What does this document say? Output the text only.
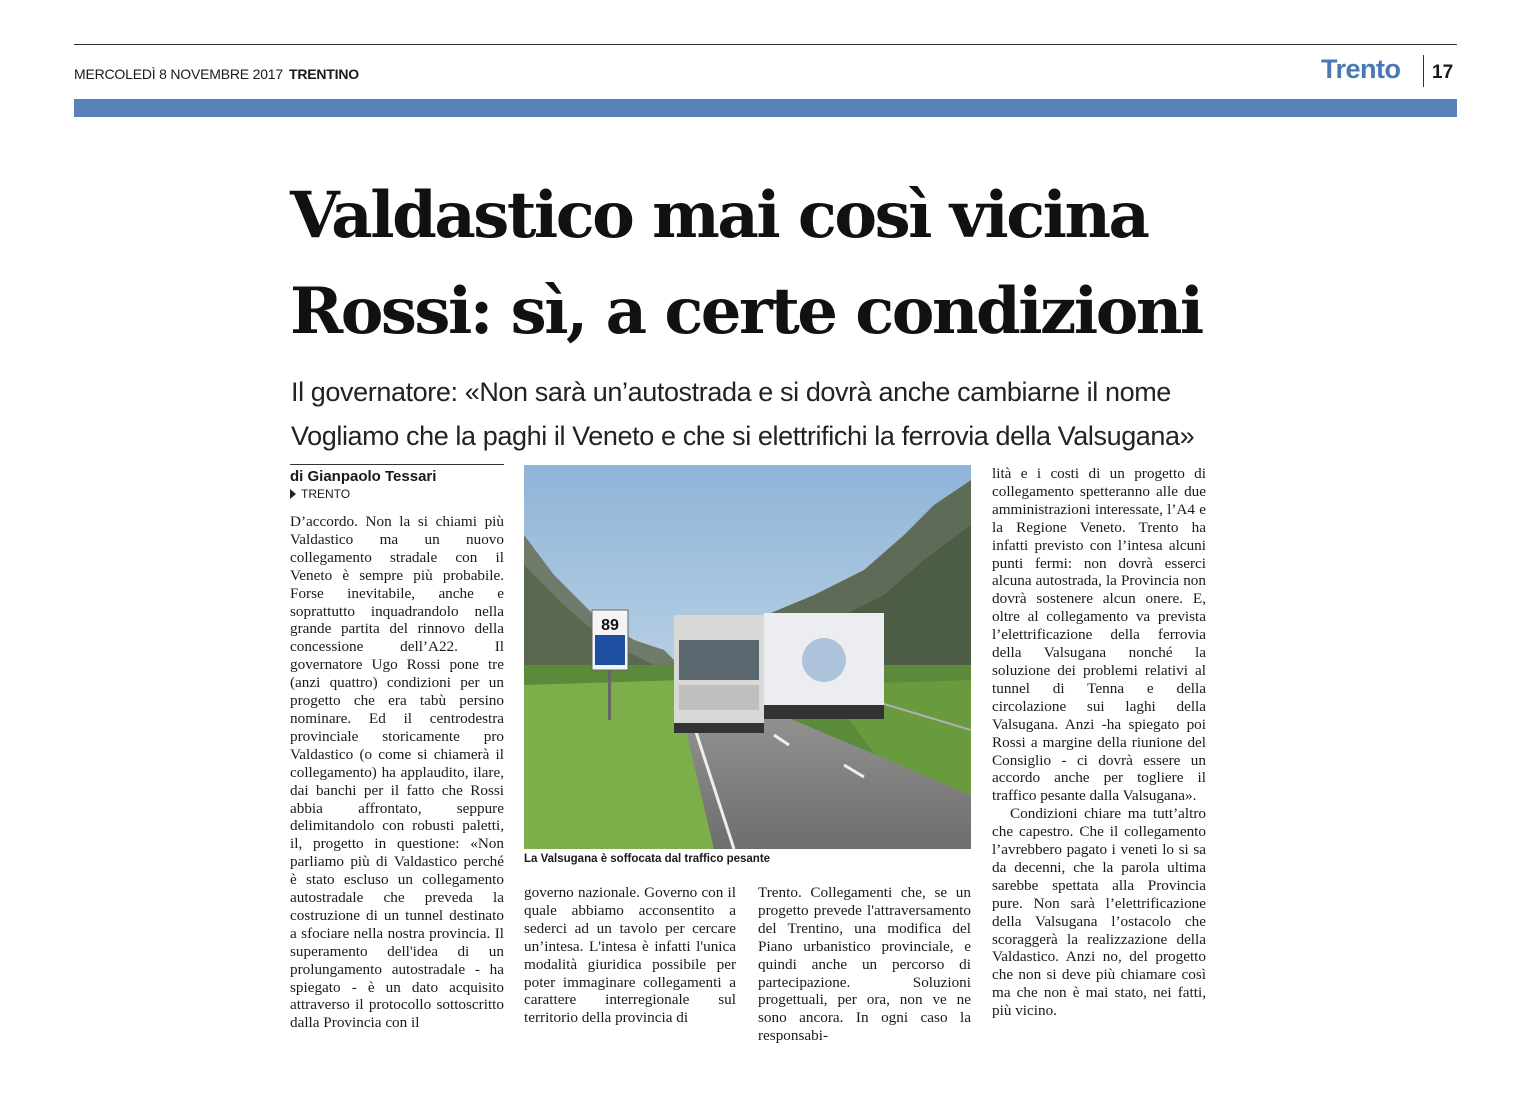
MERCOLEDÌ 8 NOVEMBRE 2017 TRENTINO	Trento 17
Valdastico mai così vicina
Rossi: sì, a certe condizioni
Il governatore: «Non sarà un’autostrada e si dovrà anche cambiarne il nome
Vogliamo che la paghi il Veneto e che si elettrifichi la ferrovia della Valsugana»
di Gianpaolo Tessari
TRENTO

D’accordo. Non la si chiami più Valdastico ma un nuovo collegamento stradale con il Veneto è sempre più probabile. Forse inevitabile, anche e soprattutto inquadrandolo nella grande partita del rinnovo della concessione dell’A22. Il governatore Ugo Rossi pone tre (anzi quattro) condizioni per un progetto che era tabù persino nominare. Ed il centrodestra provinciale storicamente pro Valdastico (o come si chiamerà il collegamento) ha applaudito, ilare, dai banchi per il fatto che Rossi abbia affrontato, seppure delimitandolo con robusti paletti, il, progetto in questione: «Non parliamo più di Valdastico perché è stato escluso un collegamento autostradale che preveda la costruzione di un tunnel destinato a sfociare nella nostra provincia. Il superamento dell'idea di un prolungamento autostradale - ha spiegato - è un dato acquisito attraverso il protocollo sottoscritto dalla Provincia con il

89
La Valsugana è soffocata dal traffico pesante

governo nazionale. Governo con il quale abbiamo acconsentito a sederci ad un tavolo per cercare un’intesa. L'intesa è infatti l'unica modalità giuridica possibile per poter immaginare collegamenti a carattere interregionale sul territorio della provincia di

Trento. Collegamenti che, se un progetto prevede l'attraversamento del Trentino, una modifica del Piano urbanistico provinciale, e quindi anche un percorso di partecipazione. Soluzioni progettuali, per ora, non ve ne sono ancora. In ogni caso la responsabi-

lità e i costi di un progetto di collegamento spetteranno alle due amministrazioni interessate, l’A4 e la Regione Veneto. Trento ha infatti previsto con l’intesa alcuni punti fermi: non dovrà esserci alcuna autostrada, la Provincia non dovrà sostenere alcun onere. E, oltre al collegamento va prevista l’elettrificazione della ferrovia della Valsugana nonché la soluzione dei problemi relativi al tunnel di Tenna e della circolazione sui laghi della Valsugana. Anzi -ha spiegato poi Rossi a margine della riunione del Consiglio - ci dovrà essere un accordo anche per togliere il traffico pesante dalla Valsugana».

Condizioni chiare ma tutt’altro che capestro. Che il collegamento l’avrebbero pagato i veneti lo si sa da decenni, che la parola ultima sarebbe spettata alla Provincia pure. Non sarà l’elettrificazione della Valsugana l’ostacolo che scoraggerà la realizzazione della Valdastico. Anzi no, del progetto che non si deve più chiamare così ma che non è mai stato, nei fatti, più vicino.
